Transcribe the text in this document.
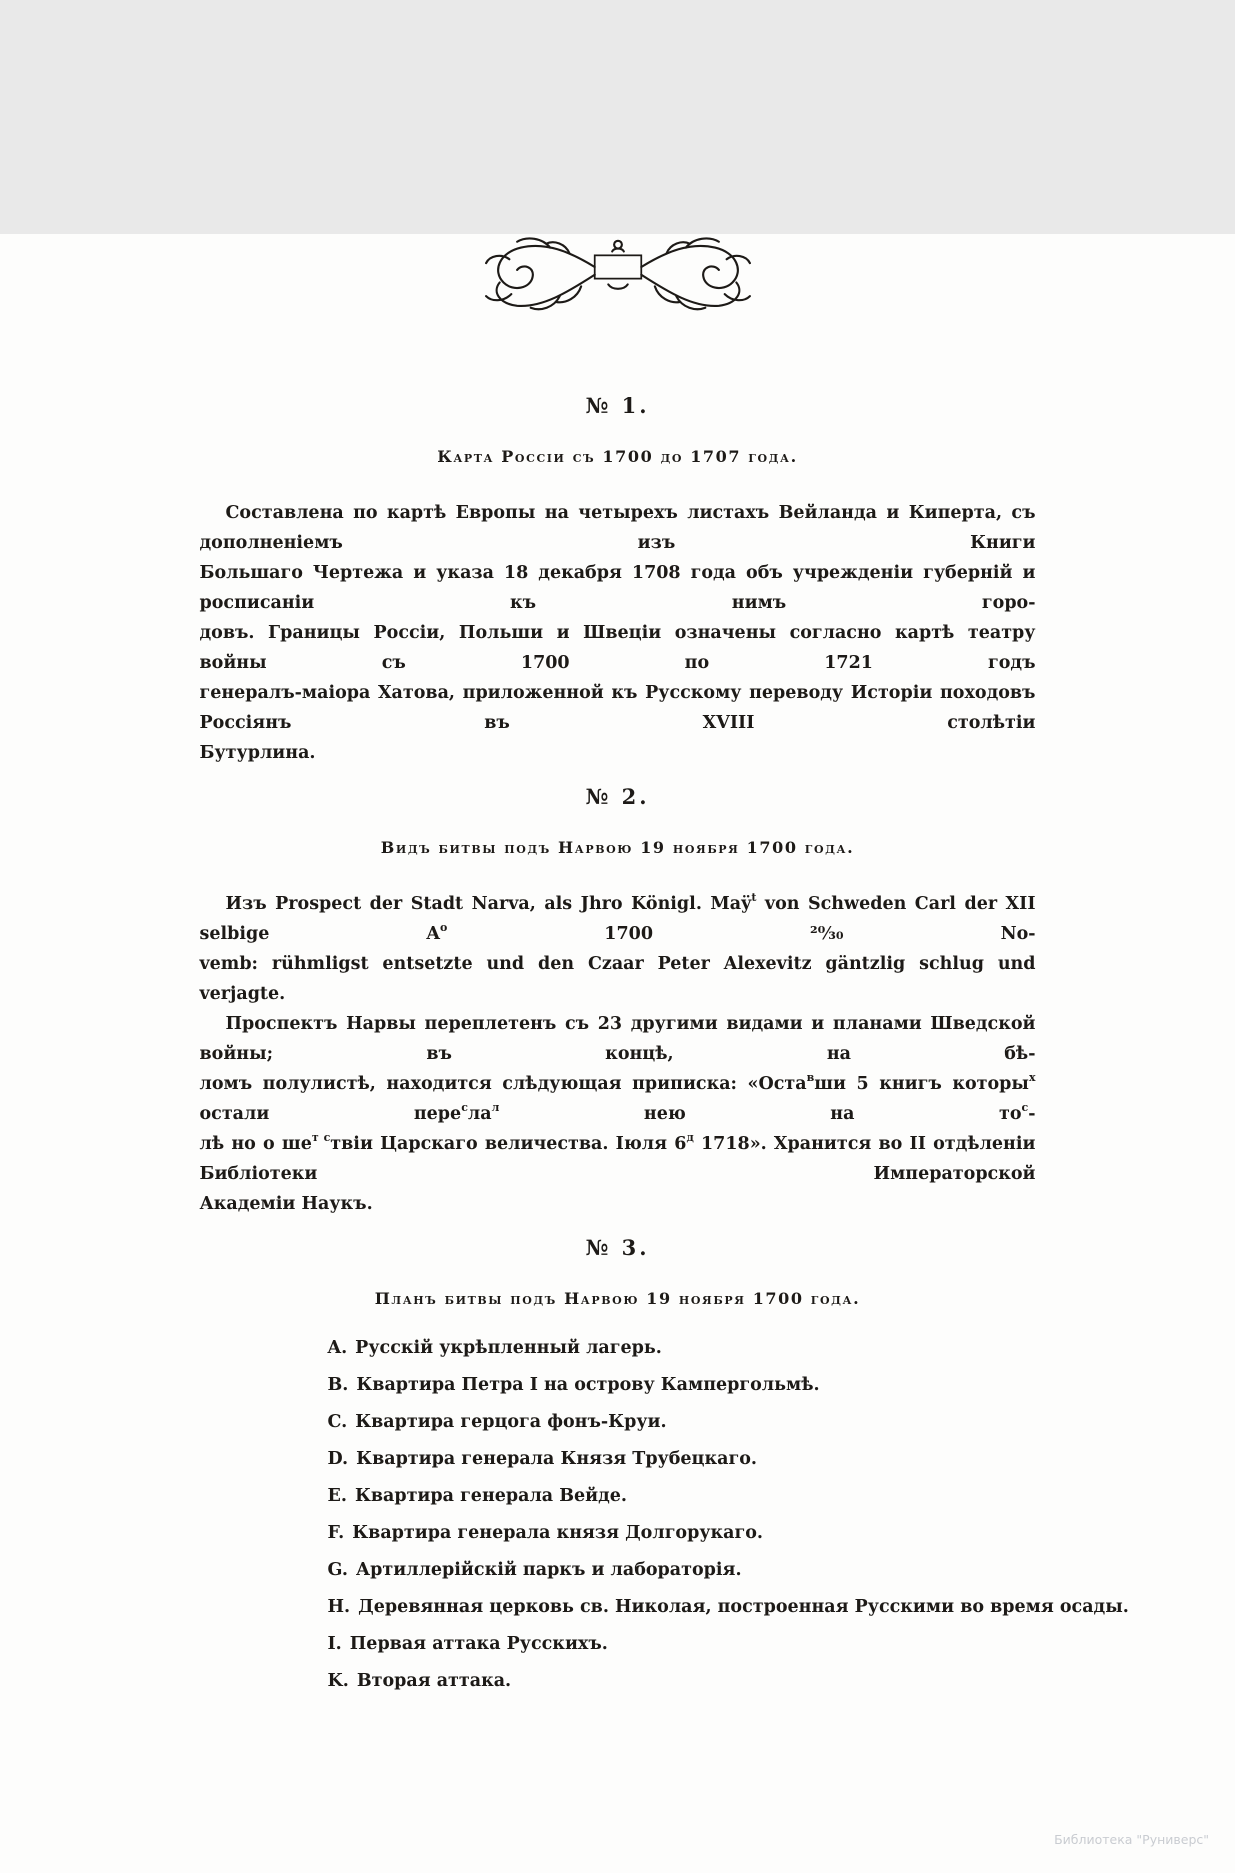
№ 1.
Карта Россіи съ 1700 до 1707 года.
Составлена по картѣ Европы на четырехъ листахъ Вейланда и Киперта, съ дополненіемъ изъ Книги
Большаго Чертежа и указа 18 декабря 1708 года объ учрежденіи губерній и росписаніи къ нимъ горо-
довъ. Границы Россіи, Польши и Швеціи означены согласно картѣ театру войны съ 1700 по 1721 годъ
генералъ-маіора Хатова, приложенной къ Русскому переводу Исторіи походовъ Россіянъ въ XVIII столѣтіи
Бутурлина.
№ 2.
Видъ битвы подъ Нарвою 19 ноября 1700 года.
Изъ Prospect der Stadt Narva, als Jhro Königl. Maÿ$^t$ von Schweden Carl der XII selbige $A^o$ 1700 ²⁰⁄₃₀ No-
vemb: rühmligst entsetzte und den Czaar Peter Alexevitz gäntzlig schlug und verjagte.
Проспектъ Нарвы переплетенъ съ 23 другими видами и планами Шведской войны; въ концѣ, на бѣ-
ломъ полулистѣ, находится слѣдующая приписка: «Оста$^в$ши 5 книгъ которы$^х$ остали $пере^сла^л$ нею на $то^с-$
лѣ но о $ше^{т с}твіи$ Царскаго величества. Іюля $6^д$ 1718». Хранится во II отдѣленіи Библіотеки Императорской
Академіи Наукъ.
№ 3.
Планъ битвы подъ Нарвою 19 ноября 1700 года.
A. Русскій укрѣпленный лагерь.
B. Квартира Петра I на острову Кампергольмѣ.
C. Квартира герцога фонъ-Круи.
D. Квартира генерала Князя Трубецкаго.
E. Квартира генерала Вейде.
F. Квартира генерала князя Долгорукаго.
G. Артиллерійскій паркъ и лабораторія.
H. Деревянная церковь св. Николая, построенная Русскими во время осады.
I. Первая аттака Русскихъ.
K. Вторая аттака.
Библиотека "Руниверс"
